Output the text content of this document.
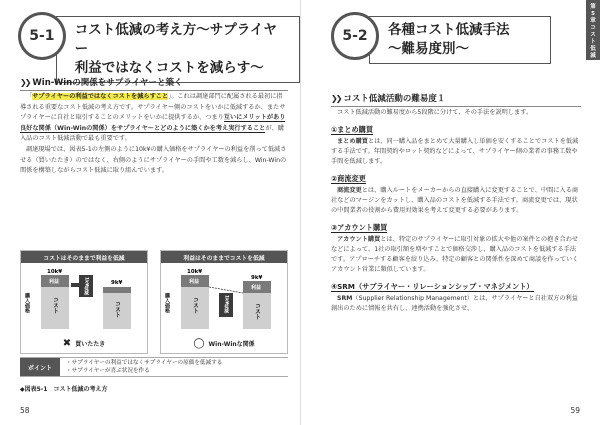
5-1	コスト低減の考え方～サプライヤー
利益ではなくコストを減らす～
❯❯ Win-Winの関係をサプライヤーと築く

「サプライヤーの利益ではなくコストを減らすこと」。これは調達部門に配属される最初に指導される重要なコスト低減の考え方です。サプライヤー側のコストをいかに低減するか、またサプライヤーに自社と取引することのメリットをいかに提供するか、つまり互いにメリットがあり良好な関係（Win-Winの関係）をサプライヤーとどのように築くかを考え実行することが、購入品のコスト低減活動で最も重要です。

調達現場では、図表5-1の左側のように10k¥の購入価格をサプライヤーの利益を削って低減させる（買いたたき）のではなく、右側のようにサプライヤーの手間や工数を減らし、Win-Winの関係を構築しながらコスト低減に取り組んでいます。

コストはそのままで利益を低減
購入価格
10k¥
利益
コスト
1k¥低減	9k¥
コスト
✖ 買いたたき
利益はそのままでコストを低減
購入価格
10k¥
利益
コスト	1k¥低減
9k¥
利益
コスト
◯ Win-Winな関係
ポイント
・サプライヤーの利益ではなくサプライヤーの原価を低減する
・サプライヤーが喜ぶ状況を作る
◆図表5-1　コスト低減の考え方
58
第
5
章
コ
ス
ト
低
減
5-2	各種コスト低減手法
～難易度別～
❯❯ コスト低減活動の難易度１

コスト低減活動の難易度から5段階に分けて、その手法を説明します。

①まとめ購買

まとめ購買とは、同一購入品をまとめて大量購入し単価を安くすることでコストを低減する手法です。年間契約やロット契約などによって、サプライヤー側の業者の事務工数や手間を低減します。

②商流変更

商流変更とは、購入ルートをメーカーからの直接購入に変更することで、中間に入る商社などのマージンをカットし、購入品のコストを低減する手法です。商流変更では、現状の中間業者の役割から費用対効果を考えて変更する必要があります。

③アカウント購買

アカウント購買とは、特定のサプライヤーに取引対象の拡大や他の案件との抱き合わせなどによって、1社の取引額を増やすことで価格交渉し、購入品のコストを低減する手法です。アプローチする顧客を絞り込み、特定の顧客との関係性を深めて商談を作っていくアカウント営業に類似しています。

④SRM（サプライヤー・リレーションシップ・マネジメント）

SRM（Supplier Relationship Management）とは、サプライヤーと自社双方の利益創出のために情報を共有し、連携活動を強化させ、

59
